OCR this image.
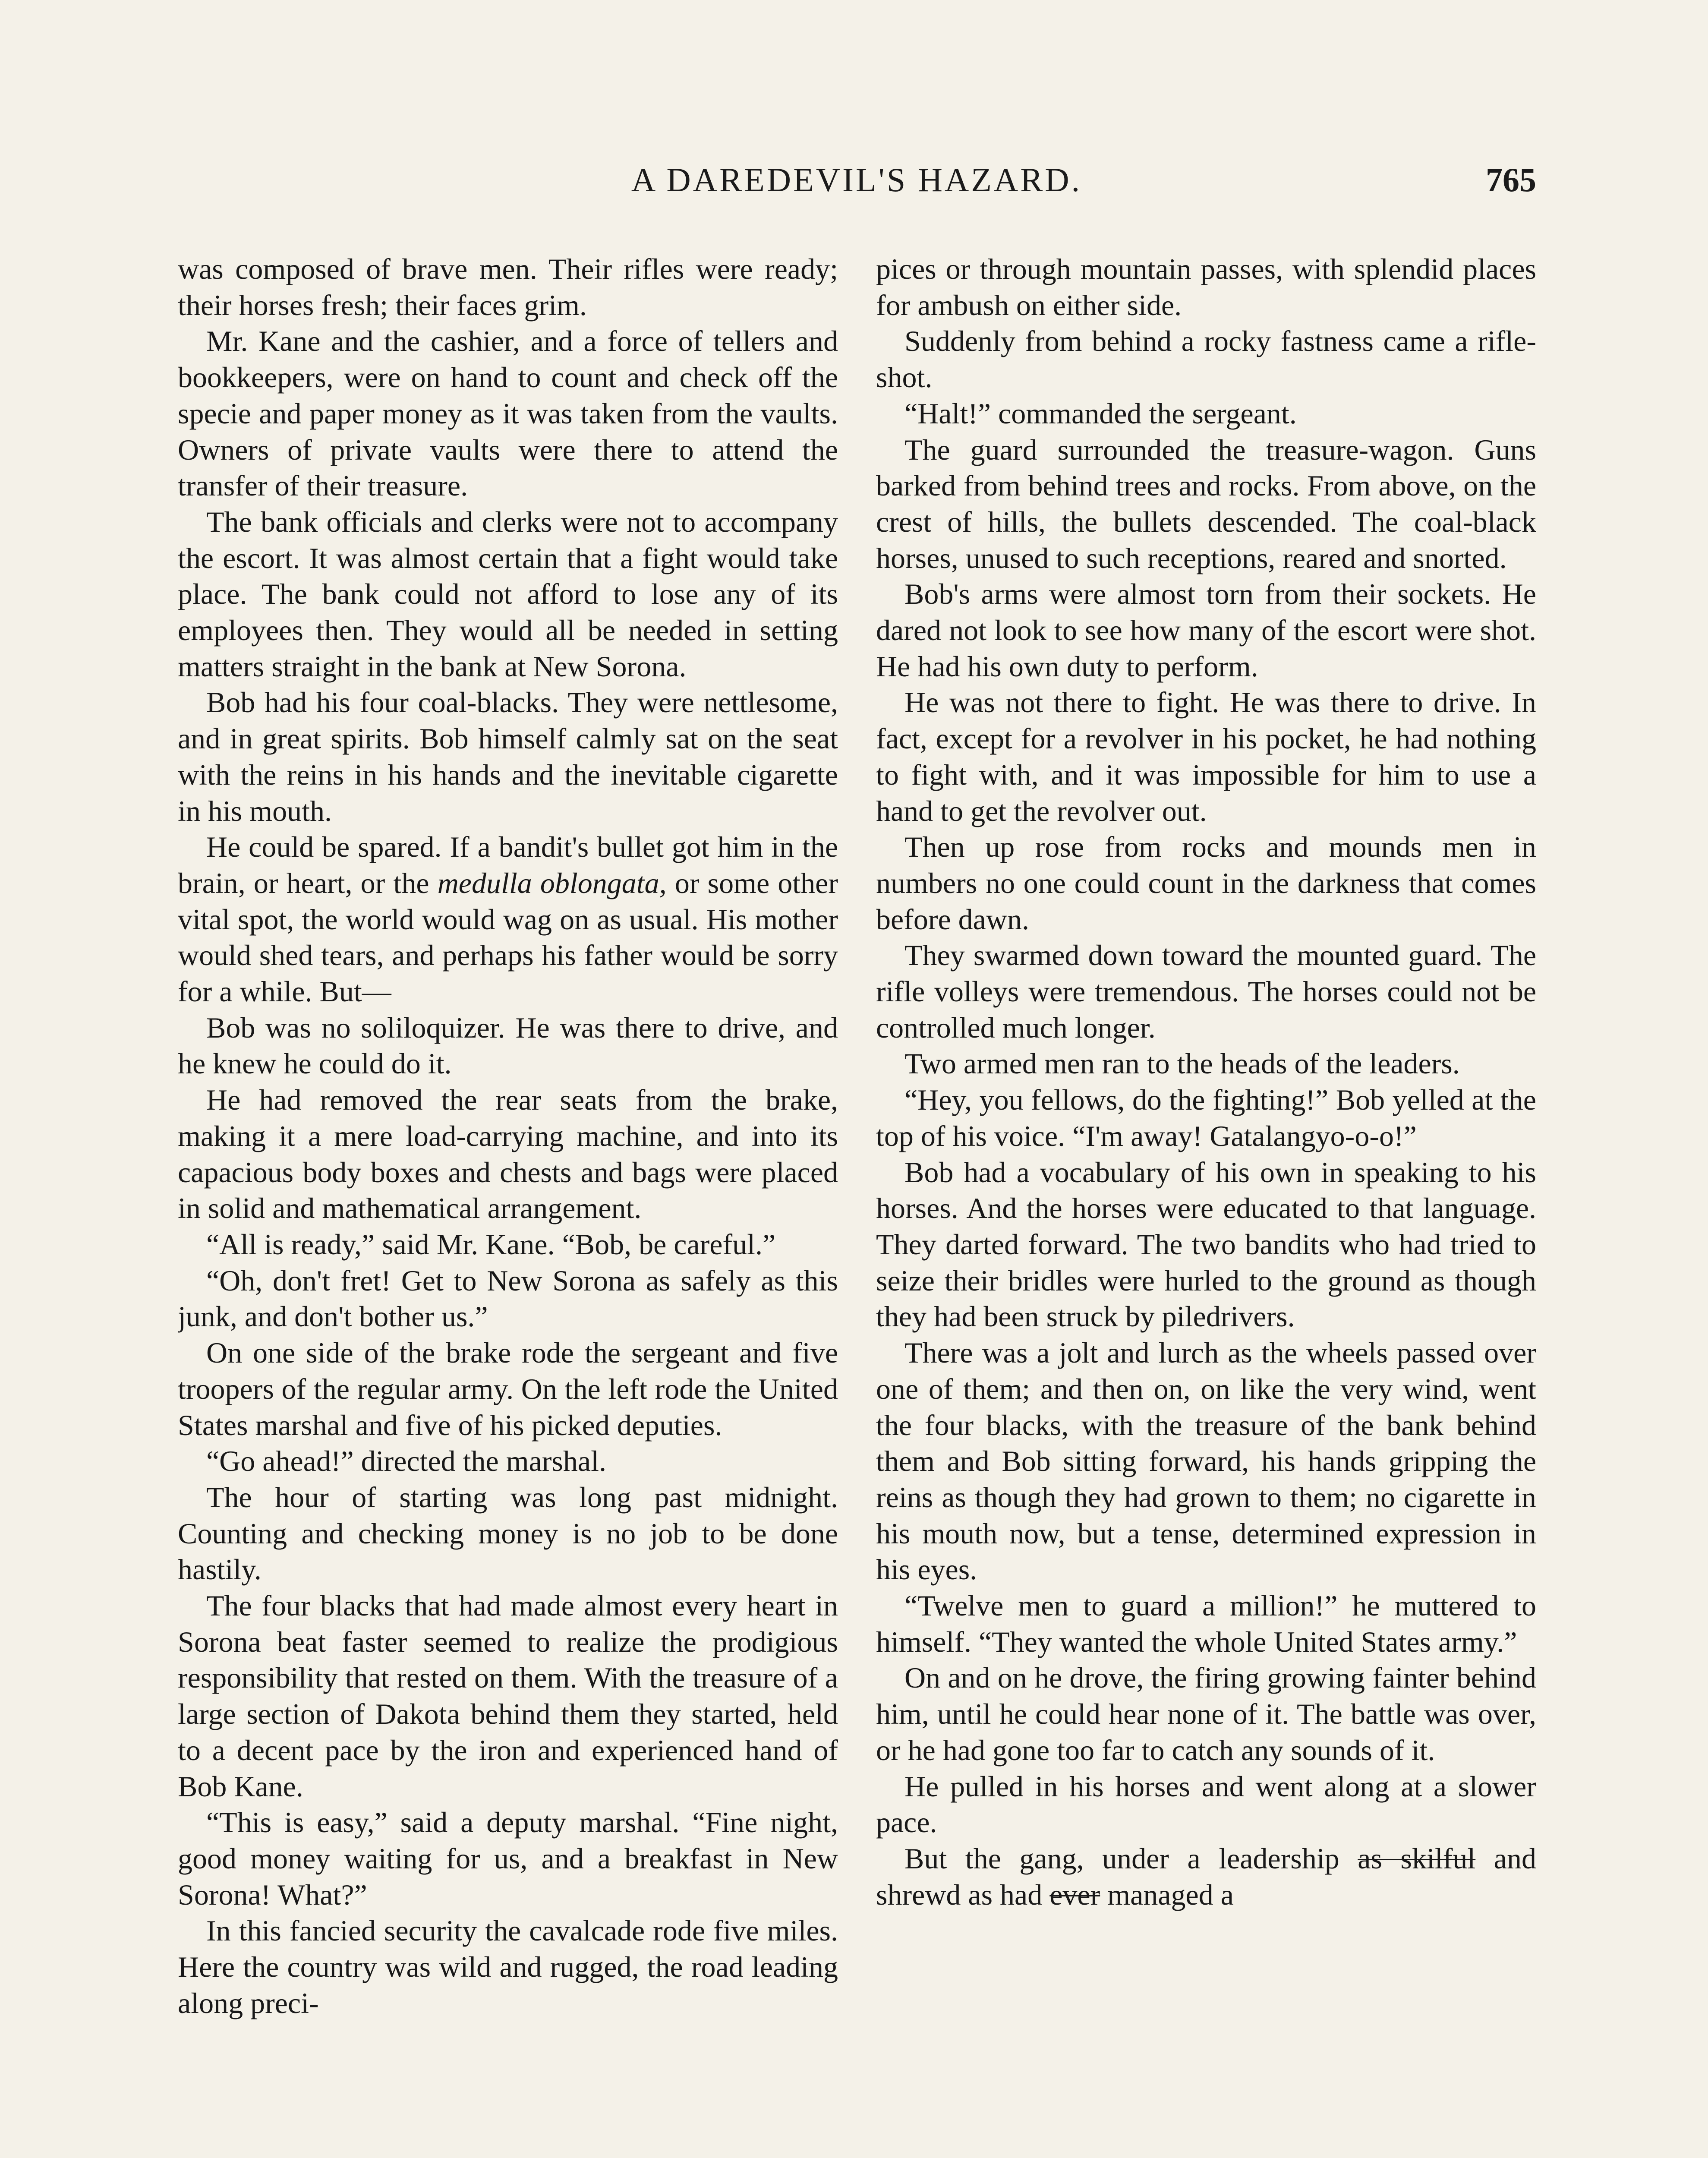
A DAREDEVIL'S HAZARD.	765

was composed of brave men. Their rifles were ready; their horses fresh; their faces grim.

Mr. Kane and the cashier, and a force of tellers and bookkeepers, were on hand to count and check off the specie and paper money as it was taken from the vaults. Owners of private vaults were there to attend the transfer of their treasure.

The bank officials and clerks were not to accompany the escort. It was almost certain that a fight would take place. The bank could not afford to lose any of its employees then. They would all be needed in setting matters straight in the bank at New Sorona.

Bob had his four coal-blacks. They were nettlesome, and in great spirits. Bob himself calmly sat on the seat with the reins in his hands and the inevitable cigarette in his mouth.

He could be spared. If a bandit's bullet got him in the brain, or heart, or the medulla oblongata, or some other vital spot, the world would wag on as usual. His mother would shed tears, and perhaps his father would be sorry for a while. But—

Bob was no soliloquizer. He was there to drive, and he knew he could do it.

He had removed the rear seats from the brake, making it a mere load-carrying machine, and into its capacious body boxes and chests and bags were placed in solid and mathematical arrangement.

“All is ready,” said Mr. Kane. “Bob, be careful.”

“Oh, don't fret! Get to New Sorona as safely as this junk, and don't bother us.”

On one side of the brake rode the sergeant and five troopers of the regular army. On the left rode the United States marshal and five of his picked deputies.

“Go ahead!” directed the marshal.

The hour of starting was long past midnight. Counting and checking money is no job to be done hastily.

The four blacks that had made almost every heart in Sorona beat faster seemed to realize the prodigious responsibility that rested on them. With the treasure of a large section of Dakota behind them they started, held to a decent pace by the iron and experienced hand of Bob Kane.

“This is easy,” said a deputy marshal. “Fine night, good money waiting for us, and a breakfast in New Sorona! What?”

In this fancied security the cavalcade rode five miles. Here the country was wild and rugged, the road leading along preci-

pices or through mountain passes, with splendid places for ambush on either side.

Suddenly from behind a rocky fastness came a rifle-shot.

“Halt!” commanded the sergeant.

The guard surrounded the treasure-wagon. Guns barked from behind trees and rocks. From above, on the crest of hills, the bullets descended. The coal-black horses, unused to such receptions, reared and snorted.

Bob's arms were almost torn from their sockets. He dared not look to see how many of the escort were shot. He had his own duty to perform.

He was not there to fight. He was there to drive. In fact, except for a revolver in his pocket, he had nothing to fight with, and it was impossible for him to use a hand to get the revolver out.

Then up rose from rocks and mounds men in numbers no one could count in the darkness that comes before dawn.

They swarmed down toward the mounted guard. The rifle volleys were tremendous. The horses could not be controlled much longer.

Two armed men ran to the heads of the leaders.

“Hey, you fellows, do the fighting!” Bob yelled at the top of his voice. “I'm away! Gatalangyo-o-o!”

Bob had a vocabulary of his own in speaking to his horses. And the horses were educated to that language. They darted forward. The two bandits who had tried to seize their bridles were hurled to the ground as though they had been struck by piledrivers.

There was a jolt and lurch as the wheels passed over one of them; and then on, on like the very wind, went the four blacks, with the treasure of the bank behind them and Bob sitting forward, his hands gripping the reins as though they had grown to them; no cigarette in his mouth now, but a tense, determined expression in his eyes.

“Twelve men to guard a million!” he muttered to himself. “They wanted the whole United States army.”

On and on he drove, the firing growing fainter behind him, until he could hear none of it. The battle was over, or he had gone too far to catch any sounds of it.

He pulled in his horses and went along at a slower pace.

But the gang, under a leadership as skilful and shrewd as had ever managed a
